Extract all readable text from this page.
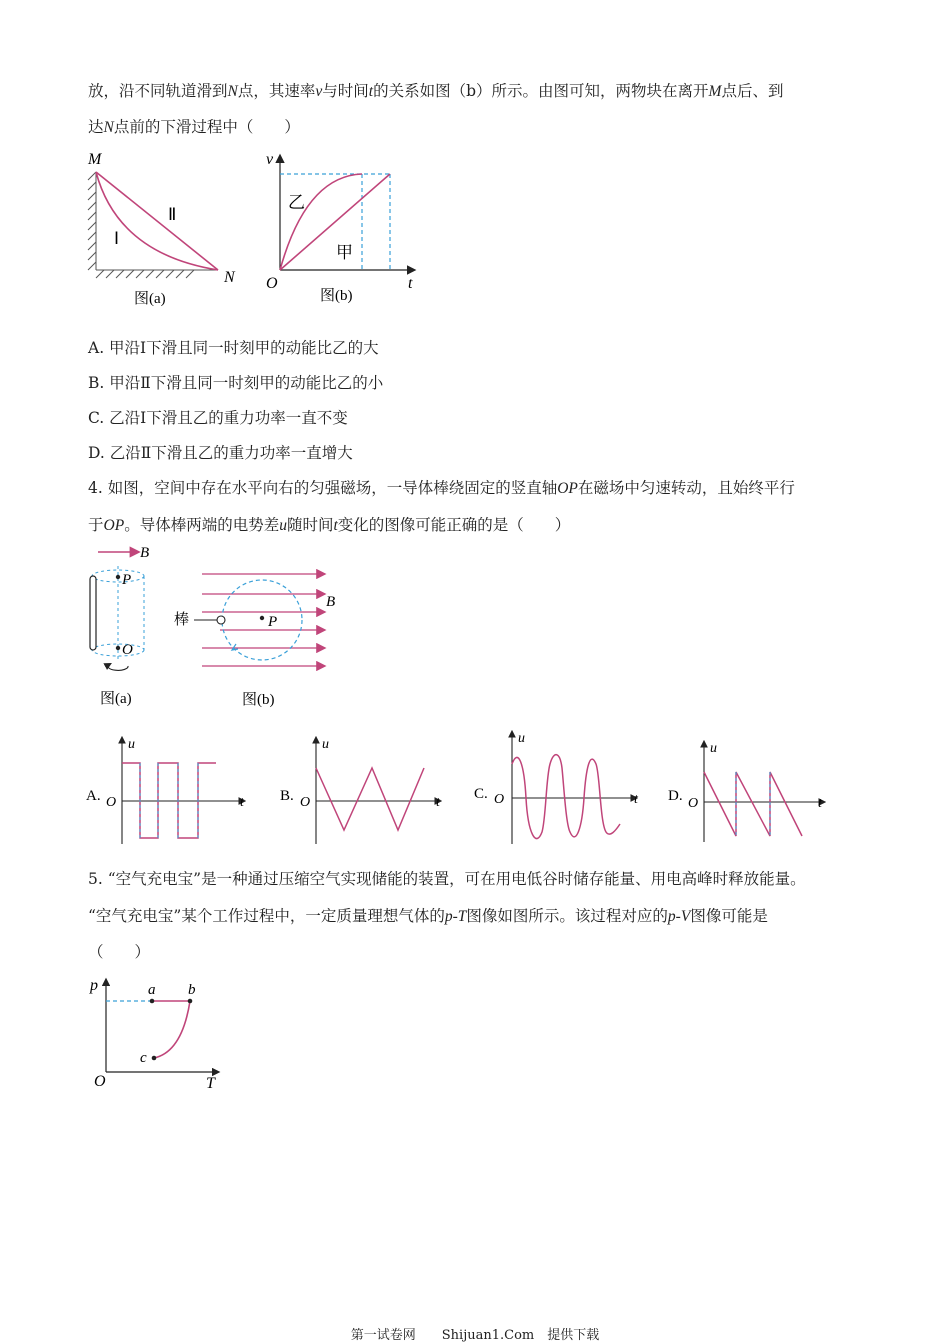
放，沿不同轨道滑到N点，其速率v与时间t的关系如图（b）所示。由图可知，两物块在离开M点后、到
达N点前的下滑过程中（　　）
M
N
Ⅰ
Ⅱ
图(a)
v
t
O
乙
甲
图(b)
A. 甲沿Ⅰ下滑且同一时刻甲的动能比乙的大
B. 甲沿Ⅱ下滑且同一时刻甲的动能比乙的小
C. 乙沿Ⅰ下滑且乙的重力功率一直不变
D. 乙沿Ⅱ下滑且乙的重力功率一直增大
4. 如图，空间中存在水平向右的匀强磁场，一导体棒绕固定的竖直轴OP在磁场中匀速转动，且始终平行
于OP。导体棒两端的电势差u随时间t变化的图像可能正确的是（　　）
B
P
O
图(a)
P
棒
B
图(b)
A.
u
O	t B.
u
O	t
C.
u
O	t D.
u
O	t
5. “空气充电宝”是一种通过压缩空气实现储能的装置，可在用电低谷时储存能量、用电高峰时释放能量。
“空气充电宝”某个工作过程中，一定质量理想气体的p-T图像如图所示。该过程对应的p-V图像可能是
（　　）
p
T
O
a b
c
第一试卷网　　Shijuan1.Com　提供下载
